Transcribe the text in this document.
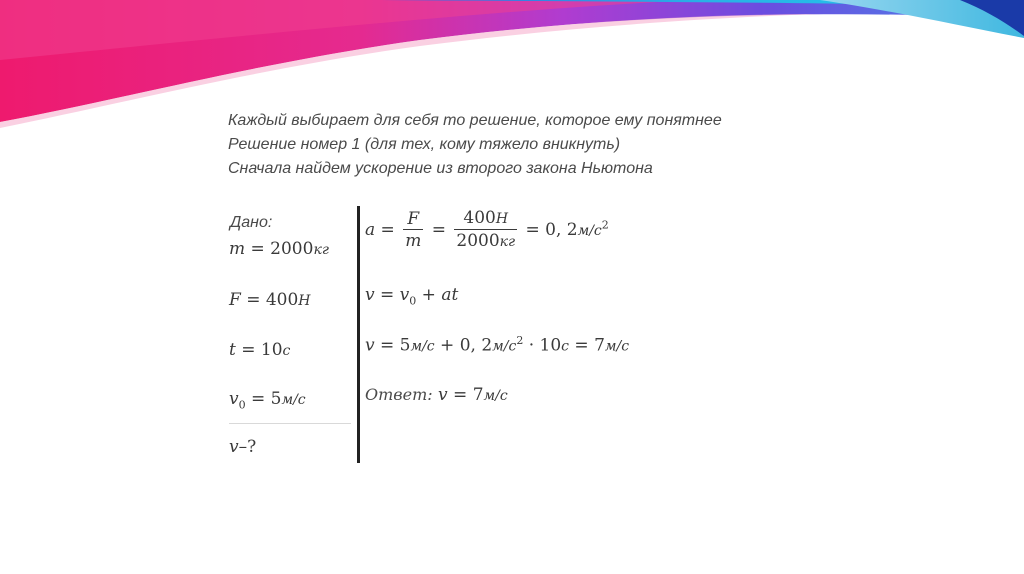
Каждый выбирает для себя то решение, которое ему понятнее
Решение номер 1 (для тех, кому тяжело вникнуть)
Сначала найдем ускорение из второго закона Ньютона
Дано:
m = 2000кг
F = 400Н
t = 10с
$v_0 = 5м/с$
v–?
$a = \frac{F}{m} = \frac{400Н}{2000кг} = 0$, $2м/с^2$
$v = v_0$ + at
v = 5м/с + 0, $2м/с^2 \cdot 10с = 7м/с$
Ответ: v = 7м/с
